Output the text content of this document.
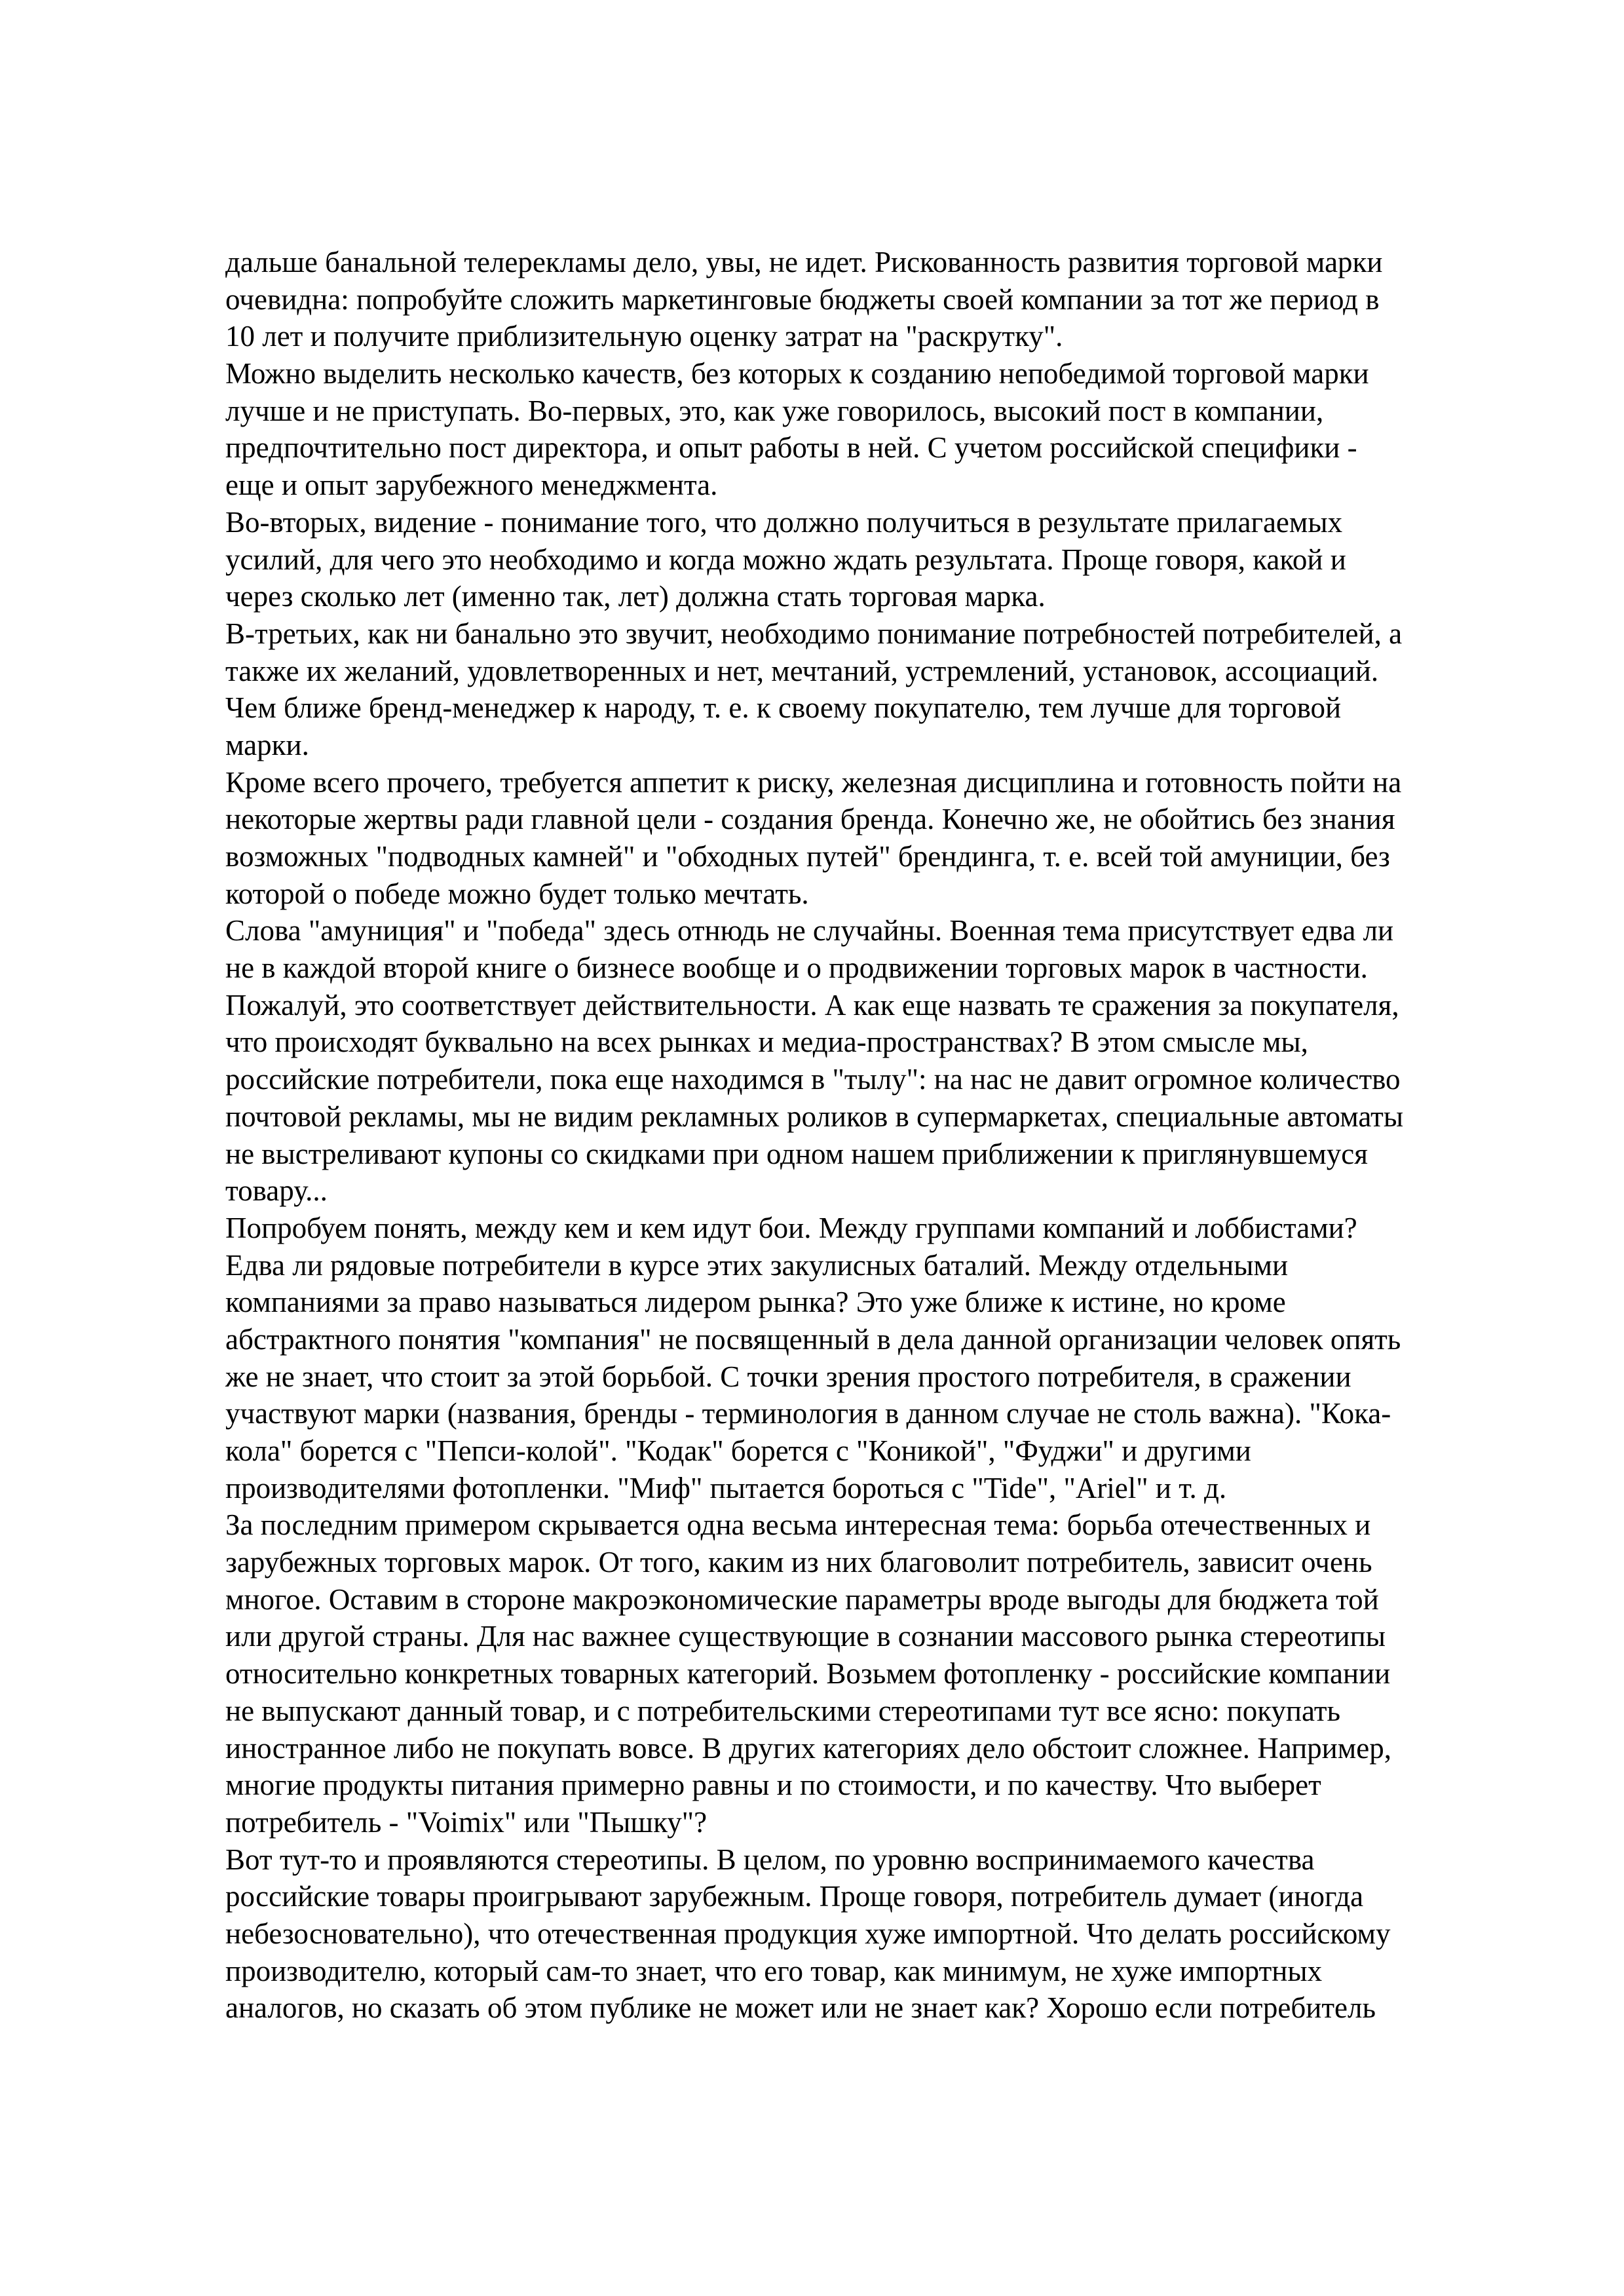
дальше банальной телерекламы дело, увы, не идет. Рискованность развития торговой марки
очевидна: попробуйте сложить маркетинговые бюджеты своей компании за тот же период в
10 лет и получите приблизительную оценку затрат на "раскрутку".
Можно выделить несколько качеств, без которых к созданию непобедимой торговой марки
лучше и не приступать. Во-первых, это, как уже говорилось, высокий пост в компании,
предпочтительно пост директора, и опыт работы в ней. С учетом российской специфики -
еще и опыт зарубежного менеджмента.
Во-вторых, видение - понимание того, что должно получиться в результате прилагаемых
усилий, для чего это необходимо и когда можно ждать результата. Проще говоря, какой и
через сколько лет (именно так, лет) должна стать торговая марка.
В-третьих, как ни банально это звучит, необходимо понимание потребностей потребителей, а
также их желаний, удовлетворенных и нет, мечтаний, устремлений, установок, ассоциаций.
Чем ближе бренд-менеджер к народу, т. е. к своему покупателю, тем лучше для торговой
марки.
Кроме всего прочего, требуется аппетит к риску, железная дисциплина и готовность пойти на
некоторые жертвы ради главной цели - создания бренда. Конечно же, не обойтись без знания
возможных "подводных камней" и "обходных путей" брендинга, т. е. всей той амуниции, без
которой о победе можно будет только мечтать.
Слова "амуниция" и "победа" здесь отнюдь не случайны. Военная тема присутствует едва ли
не в каждой второй книге о бизнесе вообще и о продвижении торговых марок в частности.
Пожалуй, это соответствует действительности. А как еще назвать те сражения за покупателя,
что происходят буквально на всех рынках и медиа-пространствах? В этом смысле мы,
российские потребители, пока еще находимся в "тылу": на нас не давит огромное количество
почтовой рекламы, мы не видим рекламных роликов в супермаркетах, специальные автоматы
не выстреливают купоны со скидками при одном нашем приближении к приглянувшемуся
товару...
Попробуем понять, между кем и кем идут бои. Между группами компаний и лоббистами?
Едва ли рядовые потребители в курсе этих закулисных баталий. Между отдельными
компаниями за право называться лидером рынка? Это уже ближе к истине, но кроме
абстрактного понятия "компания" не посвященный в дела данной организации человек опять
же не знает, что стоит за этой борьбой. С точки зрения простого потребителя, в сражении
участвуют марки (названия, бренды - терминология в данном случае не столь важна). "Кока-
кола" борется с "Пепси-колой". "Кодак" борется с "Коникой", "Фуджи" и другими
производителями фотопленки. "Миф" пытается бороться с "Tide", "Ariel" и т. д.
За последним примером скрывается одна весьма интересная тема: борьба отечественных и
зарубежных торговых марок. От того, каким из них благоволит потребитель, зависит очень
многое. Оставим в стороне макроэкономические параметры вроде выгоды для бюджета той
или другой страны. Для нас важнее существующие в сознании массового рынка стереотипы
относительно конкретных товарных категорий. Возьмем фотопленку - российские компании
не выпускают данный товар, и с потребительскими стереотипами тут все ясно: покупать
иностранное либо не покупать вовсе. В других категориях дело обстоит сложнее. Например,
многие продукты питания примерно равны и по стоимости, и по качеству. Что выберет
потребитель - "Voimix" или "Пышку"?
Вот тут-то и проявляются стереотипы. В целом, по уровню воспринимаемого качества
российские товары проигрывают зарубежным. Проще говоря, потребитель думает (иногда
небезосновательно), что отечественная продукция хуже импортной. Что делать российскому
производителю, который сам-то знает, что его товар, как минимум, не хуже импортных
аналогов, но сказать об этом публике не может или не знает как? Хорошо если потребитель
